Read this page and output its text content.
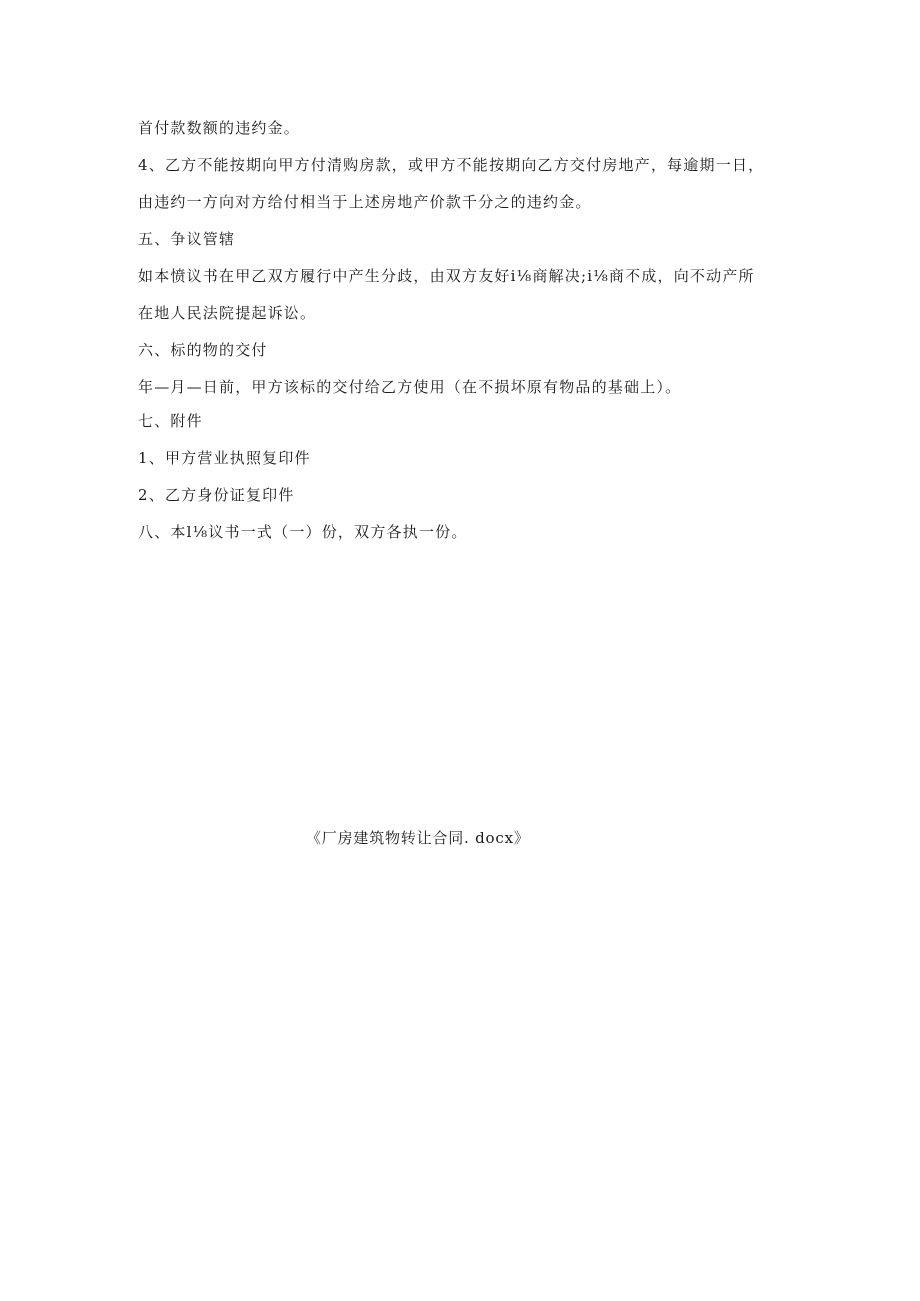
首付款数额的违约金。
4、乙方不能按期向甲方付清购房款，或甲方不能按期向乙方交付房地产，每逾期一日，
由违约一方向对方给付相当于上述房地产价款千分之的违约金。
五、争议管辖
如本愤议书在甲乙双方履行中产生分歧，由双方友好i⅛商解决;i⅛商不成，向不动产所
在地人民法院提起诉讼。
六、标的物的交付
年—月—日前，甲方该标的交付给乙方使用（在不损坏原有物品的基础上）。
七、附件
1、甲方营业执照复印件
2、乙方身份证复印件
八、本l⅛议书一式（一）份，双方各执一份。
《厂房建筑物转让合同. docx》
